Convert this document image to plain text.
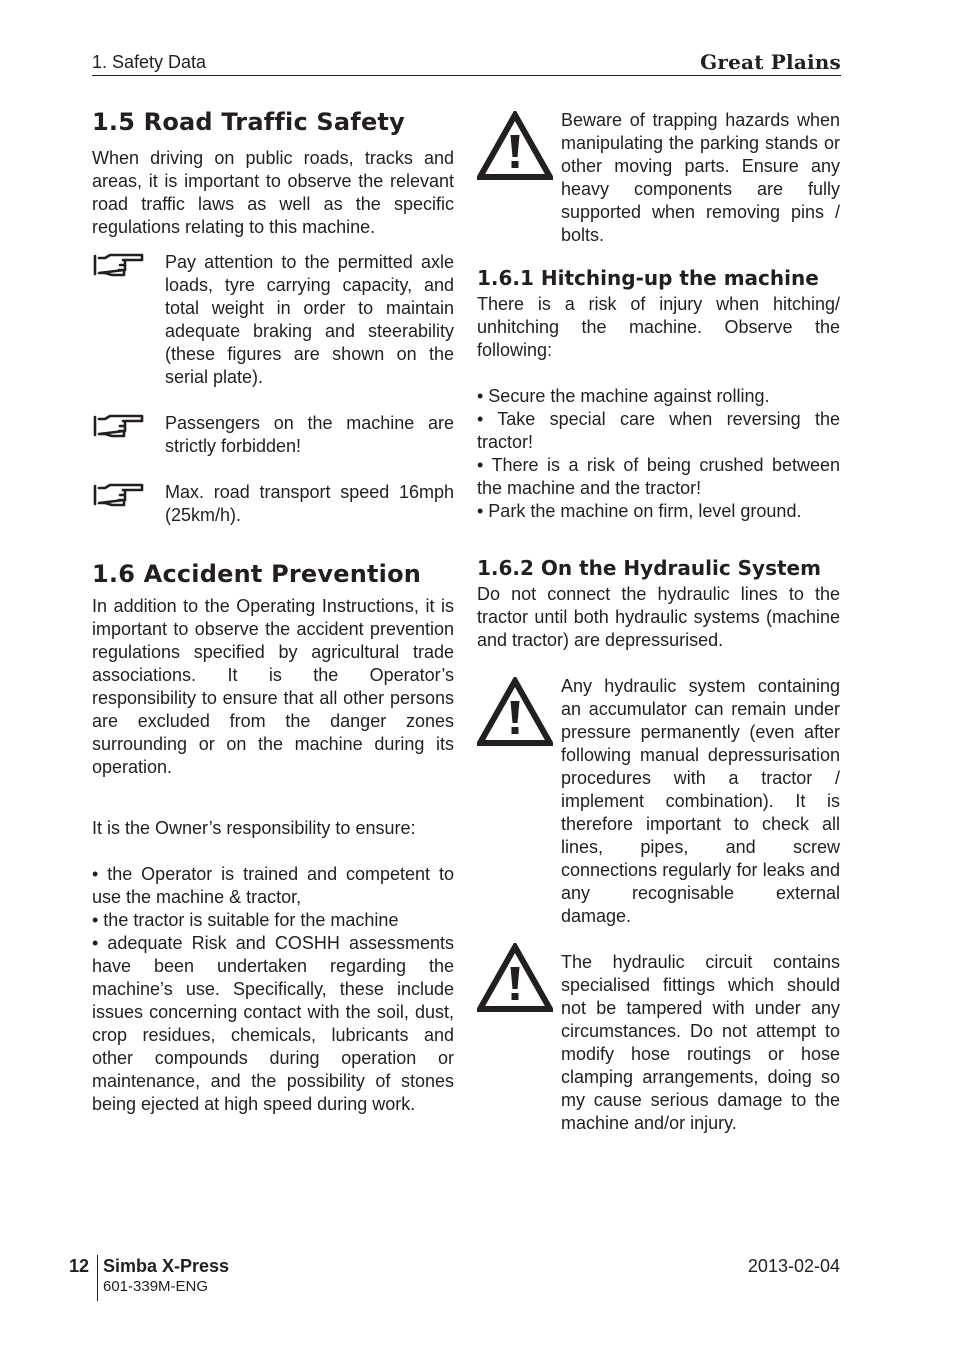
1. Safety Data	Great Plains
1.5 Road Traffic Safety

When driving on public roads, tracks and areas, it is important to observe the relevant road traffic laws as well as the specific regulations relating to this machine.

Pay attention to the permitted axle loads, tyre carrying capacity, and total weight in order to maintain adequate braking and steerability (these figures are shown on the serial plate).

Passengers on the machine are strictly forbidden!

Max. road transport speed 16mph (25km/h).

1.6 Accident Prevention

In addition to the Operating Instructions, it is important to observe the accident prevention regulations specified by agricultural trade associations. It is the Operator’s responsibility to ensure that all other persons are excluded from the danger zones surrounding or on the machine during its operation.

It is the Owner’s responsibility to ensure:

• the Operator is trained and competent to use the machine & tractor,

• the tractor is suitable for the machine

• adequate Risk and COSHH assessments have been undertaken regarding the machine’s use. Specifically, these include issues concerning contact with the soil, dust, crop residues, chemicals, lubricants and other compounds during operation or maintenance, and the possibility of stones being ejected at high speed during work.

Beware of trapping hazards when manipulating the parking stands or other moving parts. Ensure any heavy components are fully supported when removing pins / bolts.

1.6.1 Hitching-up the machine

There is a risk of injury when hitching/ unhitching the machine. Observe the following:

• Secure the machine against rolling.

• Take special care when reversing the tractor!

• There is a risk of being crushed between the machine and the tractor!

• Park the machine on firm, level ground.

1.6.2 On the Hydraulic System

Do not connect the hydraulic lines to the tractor until both hydraulic systems (machine and tractor) are depressurised.

Any hydraulic system containing an accumulator can remain under pressure permanently (even after following manual depressurisation procedures with a tractor / implement combination). It is therefore important to check all lines, pipes, and screw connections regularly for leaks and any recognisable external damage.

The hydraulic circuit contains specialised fittings which should not be tampered with under any circumstances. Do not attempt to modify hose routings or hose clamping arrangements, doing so my cause serious damage to the machine and/or injury.

12 Simba X-Press
601-339M-ENG
2013-02-04
